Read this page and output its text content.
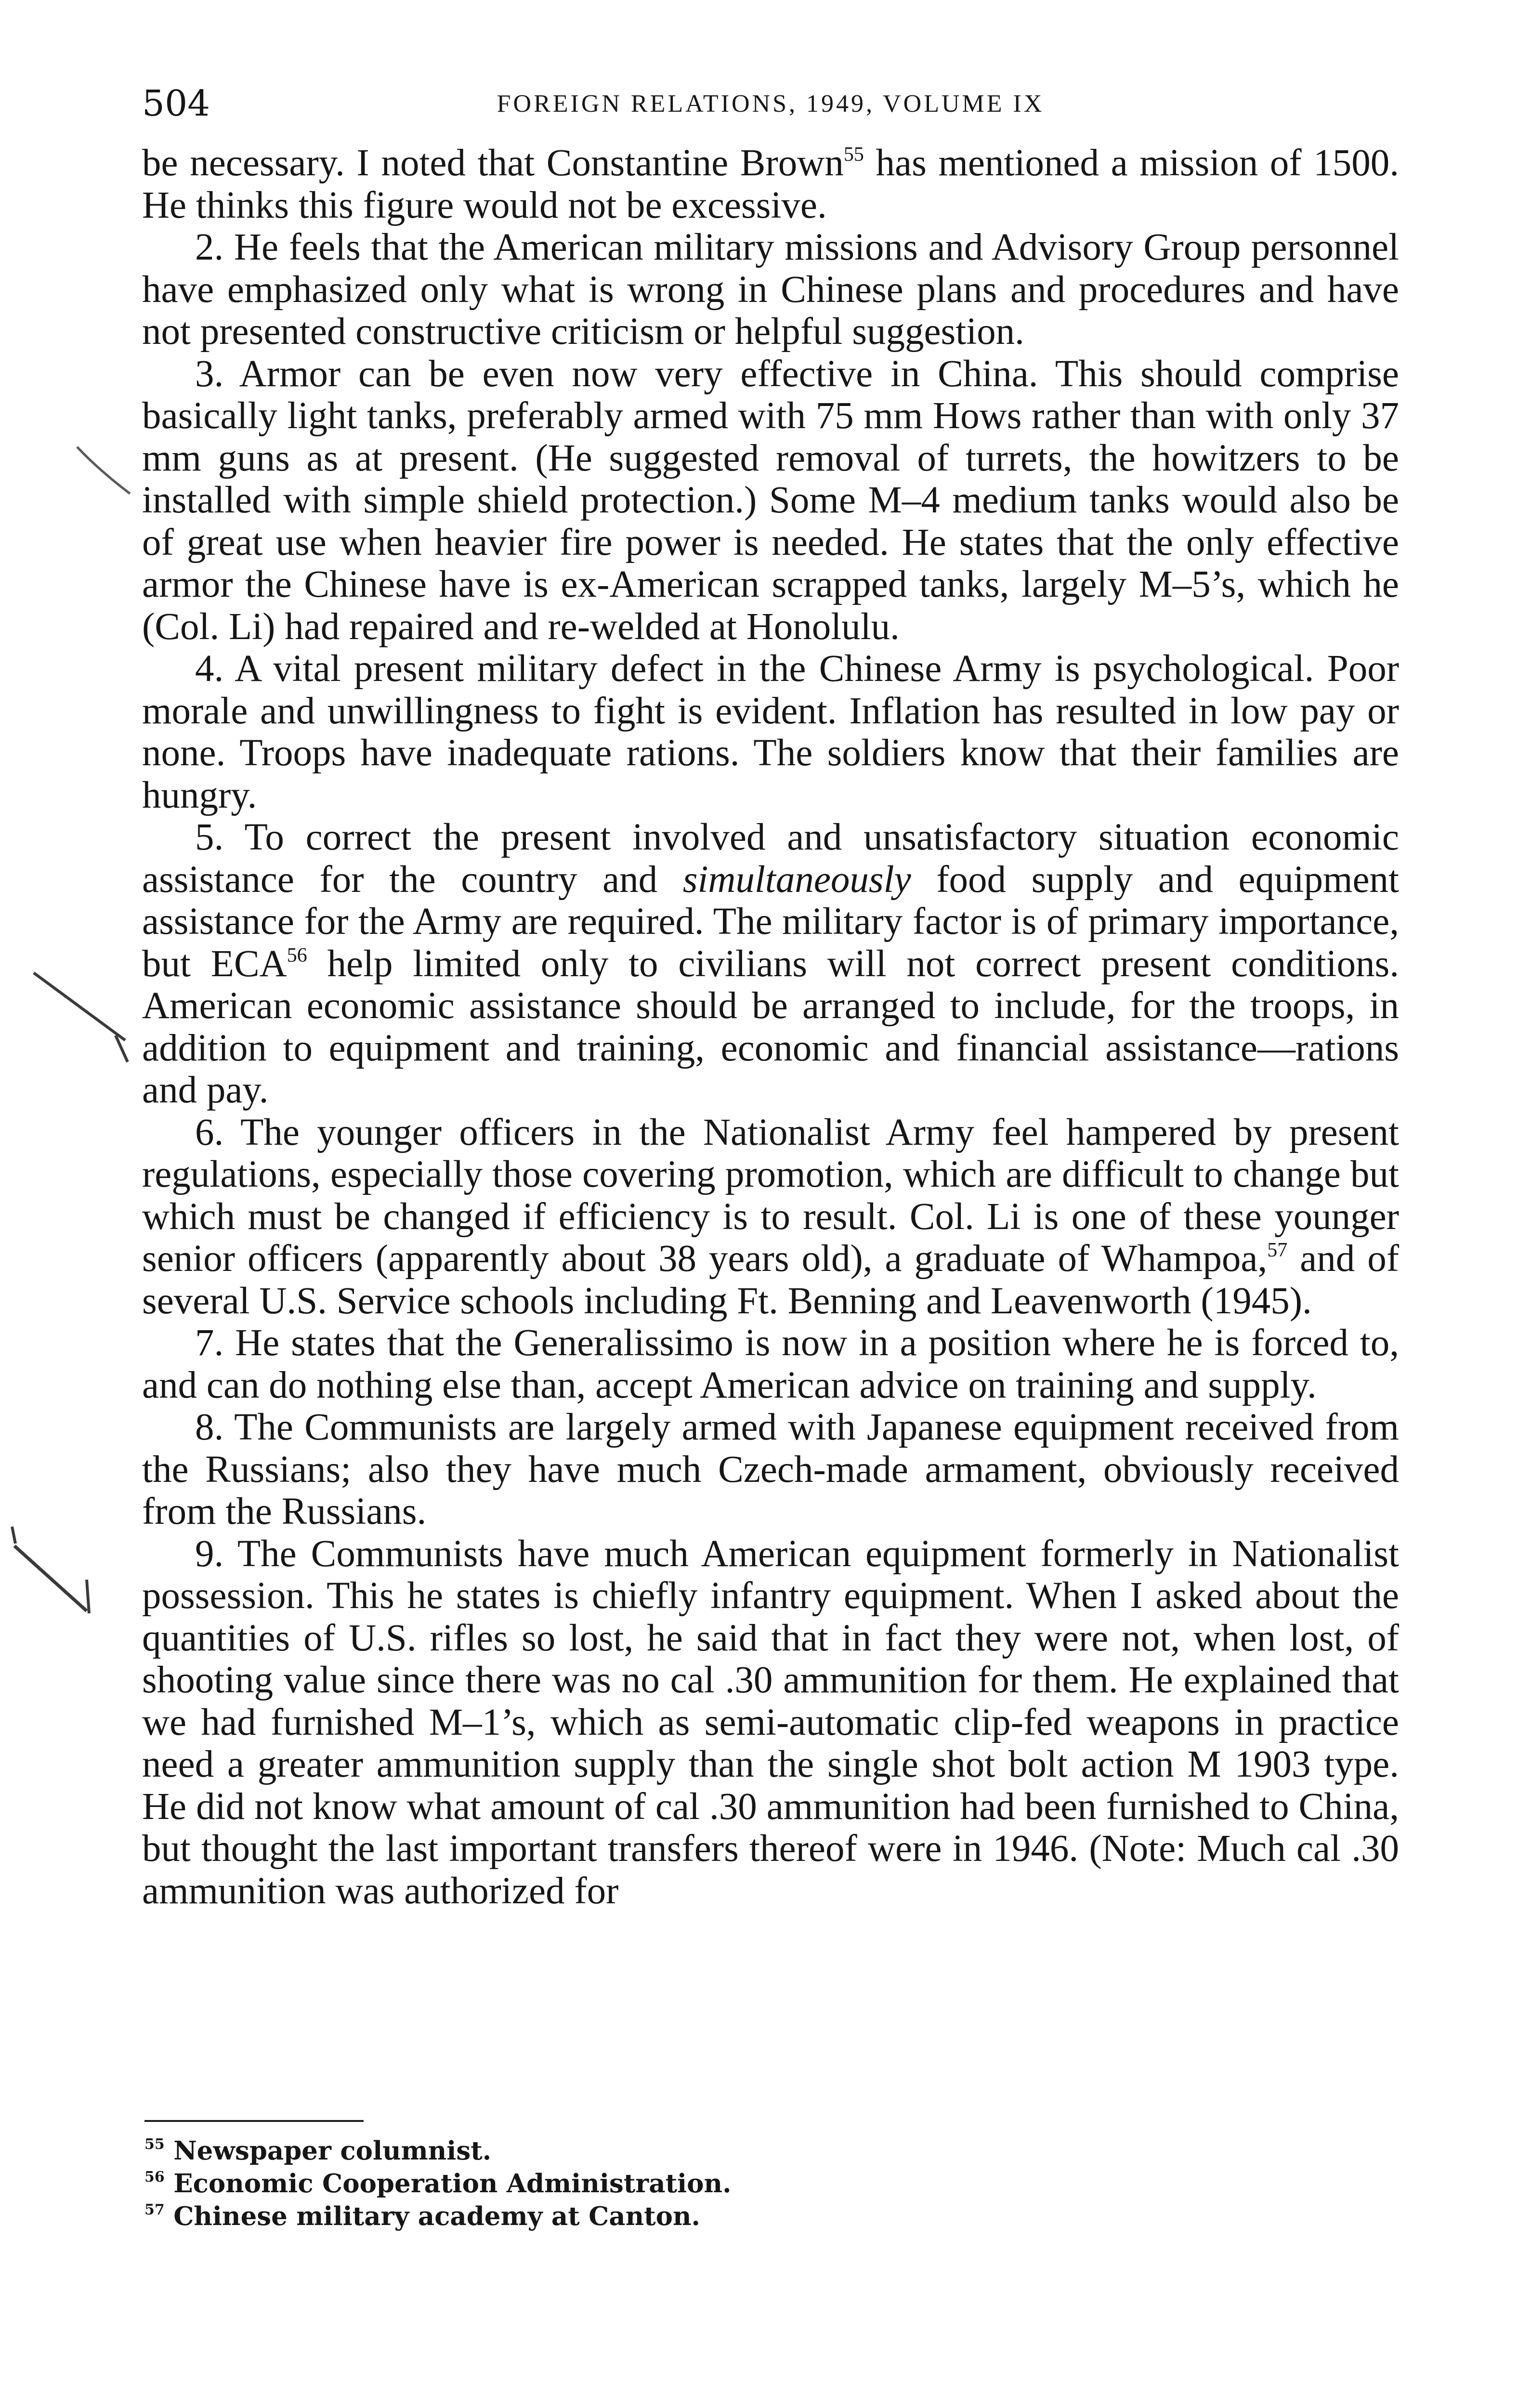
504	FOREIGN RELATIONS, 1949, VOLUME IX

be necessary. I noted that Constantine Brown$^{55}$ has mentioned a mission of 1500. He thinks this figure would not be excessive.

2. He feels that the American military missions and Advisory Group personnel have emphasized only what is wrong in Chinese plans and procedures and have not presented constructive criticism or helpful suggestion.

3. Armor can be even now very effective in China. This should comprise basically light tanks, preferably armed with 75 mm Hows rather than with only 37 mm guns as at present. (He suggested removal of turrets, the howitzers to be installed with simple shield protection.) Some M–4 medium tanks would also be of great use when heavier fire power is needed. He states that the only effective armor the Chinese have is ex-American scrapped tanks, largely M–5’s, which he (Col. Li) had repaired and re-welded at Honolulu.

4. A vital present military defect in the Chinese Army is psychological. Poor morale and unwillingness to fight is evident. Inflation has resulted in low pay or none. Troops have inadequate rations. The soldiers know that their families are hungry.

5. To correct the present involved and unsatisfactory situation economic assistance for the country and simultaneously food supply and equipment assistance for the Army are required. The military factor is of primary importance, but ECA$^{56}$ help limited only to civilians will not correct present conditions. American economic assistance should be arranged to include, for the troops, in addition to equipment and training, economic and financial assistance—rations and pay.

6. The younger officers in the Nationalist Army feel hampered by present regulations, especially those covering promotion, which are difficult to change but which must be changed if efficiency is to result. Col. Li is one of these younger senior officers (apparently about 38 years old), a graduate of Whampoa,$^{57}$ and of several U.S. Service schools including Ft. Benning and Leavenworth (1945).

7. He states that the Generalissimo is now in a position where he is forced to, and can do nothing else than, accept American advice on training and supply.

8. The Communists are largely armed with Japanese equipment received from the Russians; also they have much Czech-made armament, obviously received from the Russians.

9. The Communists have much American equipment formerly in Nationalist possession. This he states is chiefly infantry equipment. When I asked about the quantities of U.S. rifles so lost, he said that in fact they were not, when lost, of shooting value since there was no cal .30 ammunition for them. He explained that we had furnished M–1’s, which as semi-automatic clip-fed weapons in practice need a greater ammunition supply than the single shot bolt action M 1903 type. He did not know what amount of cal .30 ammunition had been furnished to China, but thought the last important transfers thereof were in 1946. (Note: Much cal .30 ammunition was authorized for

$^{55}$ Newspaper columnist.

$^{56}$ Economic Cooperation Administration.

$^{57}$ Chinese military academy at Canton.
